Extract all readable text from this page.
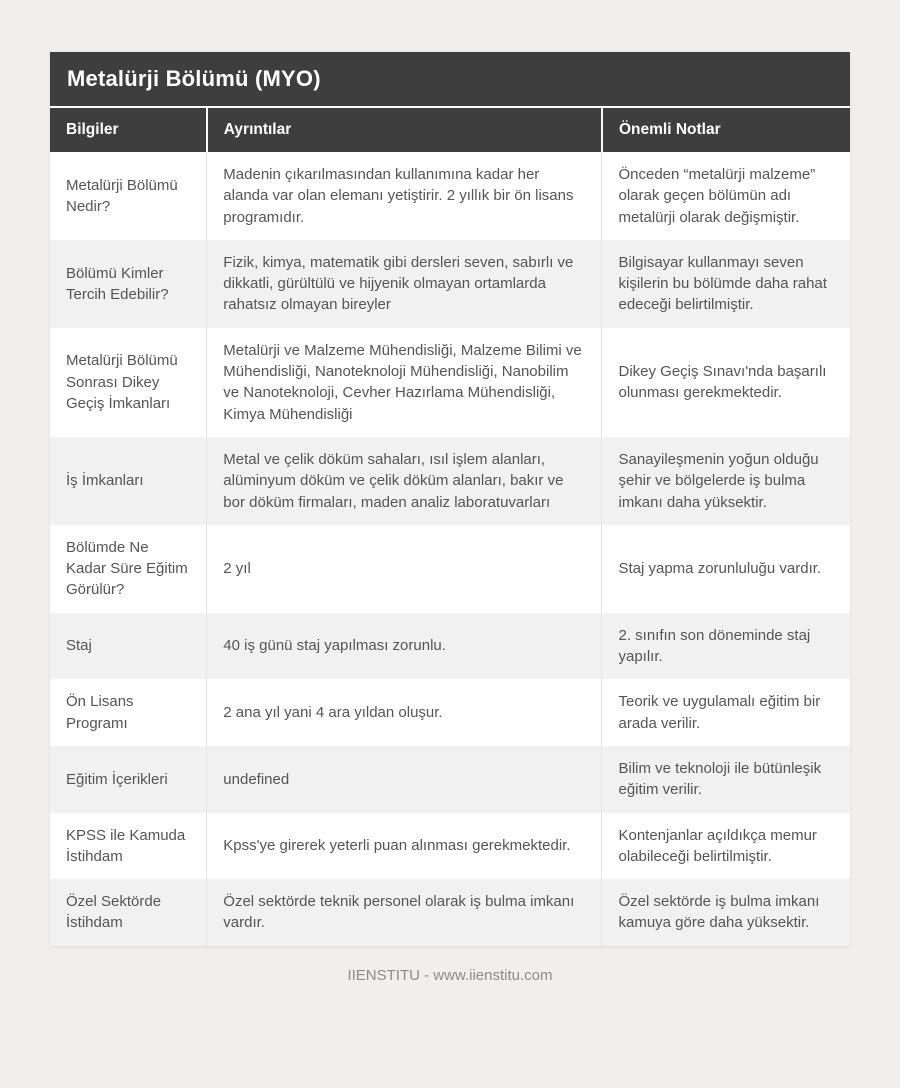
Metalürji Bölümü (MYO)
Bilgiler	Ayrıntılar	Önemli Notlar
Metalürji Bölümü Nedir?	Madenin çıkarılmasından kullanımına kadar her alanda var olan elemanı yetiştirir. 2 yıllık bir ön lisans programıdır.	Önceden “metalürji malzeme” olarak geçen bölümün adı metalürji olarak değişmiştir.
Bölümü Kimler Tercih Edebilir?	Fizik, kimya, matematik gibi dersleri seven, sabırlı ve dikkatli, gürültülü ve hijyenik olmayan ortamlarda rahatsız olmayan bireyler	Bilgisayar kullanmayı seven kişilerin bu bölümde daha rahat edeceği belirtilmiştir.
Metalürji Bölümü Sonrası Dikey Geçiş İmkanları	Metalürji ve Malzeme Mühendisliği, Malzeme Bilimi ve Mühendisliği, Nanoteknoloji Mühendisliği, Nanobilim ve Nanoteknoloji, Cevher Hazırlama Mühendisliği, Kimya Mühendisliği	Dikey Geçiş Sınavı'nda başarılı olunması gerekmektedir.
İş İmkanları	Metal ve çelik döküm sahaları, ısıl işlem alanları, alüminyum döküm ve çelik döküm alanları, bakır ve bor döküm firmaları, maden analiz laboratuvarları	Sanayileşmenin yoğun olduğu şehir ve bölgelerde iş bulma imkanı daha yüksektir.
Bölümde Ne Kadar Süre Eğitim Görülür?	2 yıl	Staj yapma zorunluluğu vardır.
Staj	40 iş günü staj yapılması zorunlu.	2. sınıfın son döneminde staj yapılır.
Ön Lisans Programı	2 ana yıl yani 4 ara yıldan oluşur.	Teorik ve uygulamalı eğitim bir arada verilir.
Eğitim İçerikleri	undefined	Bilim ve teknoloji ile bütünleşik eğitim verilir.
KPSS ile Kamuda İstihdam	Kpss'ye girerek yeterli puan alınması gerekmektedir.	Kontenjanlar açıldıkça memur olabileceği belirtilmiştir.
Özel Sektörde İstihdam	Özel sektörde teknik personel olarak iş bulma imkanı vardır.	Özel sektörde iş bulma imkanı kamuya göre daha yüksektir.
IIENSTITU - www.iienstitu.com
